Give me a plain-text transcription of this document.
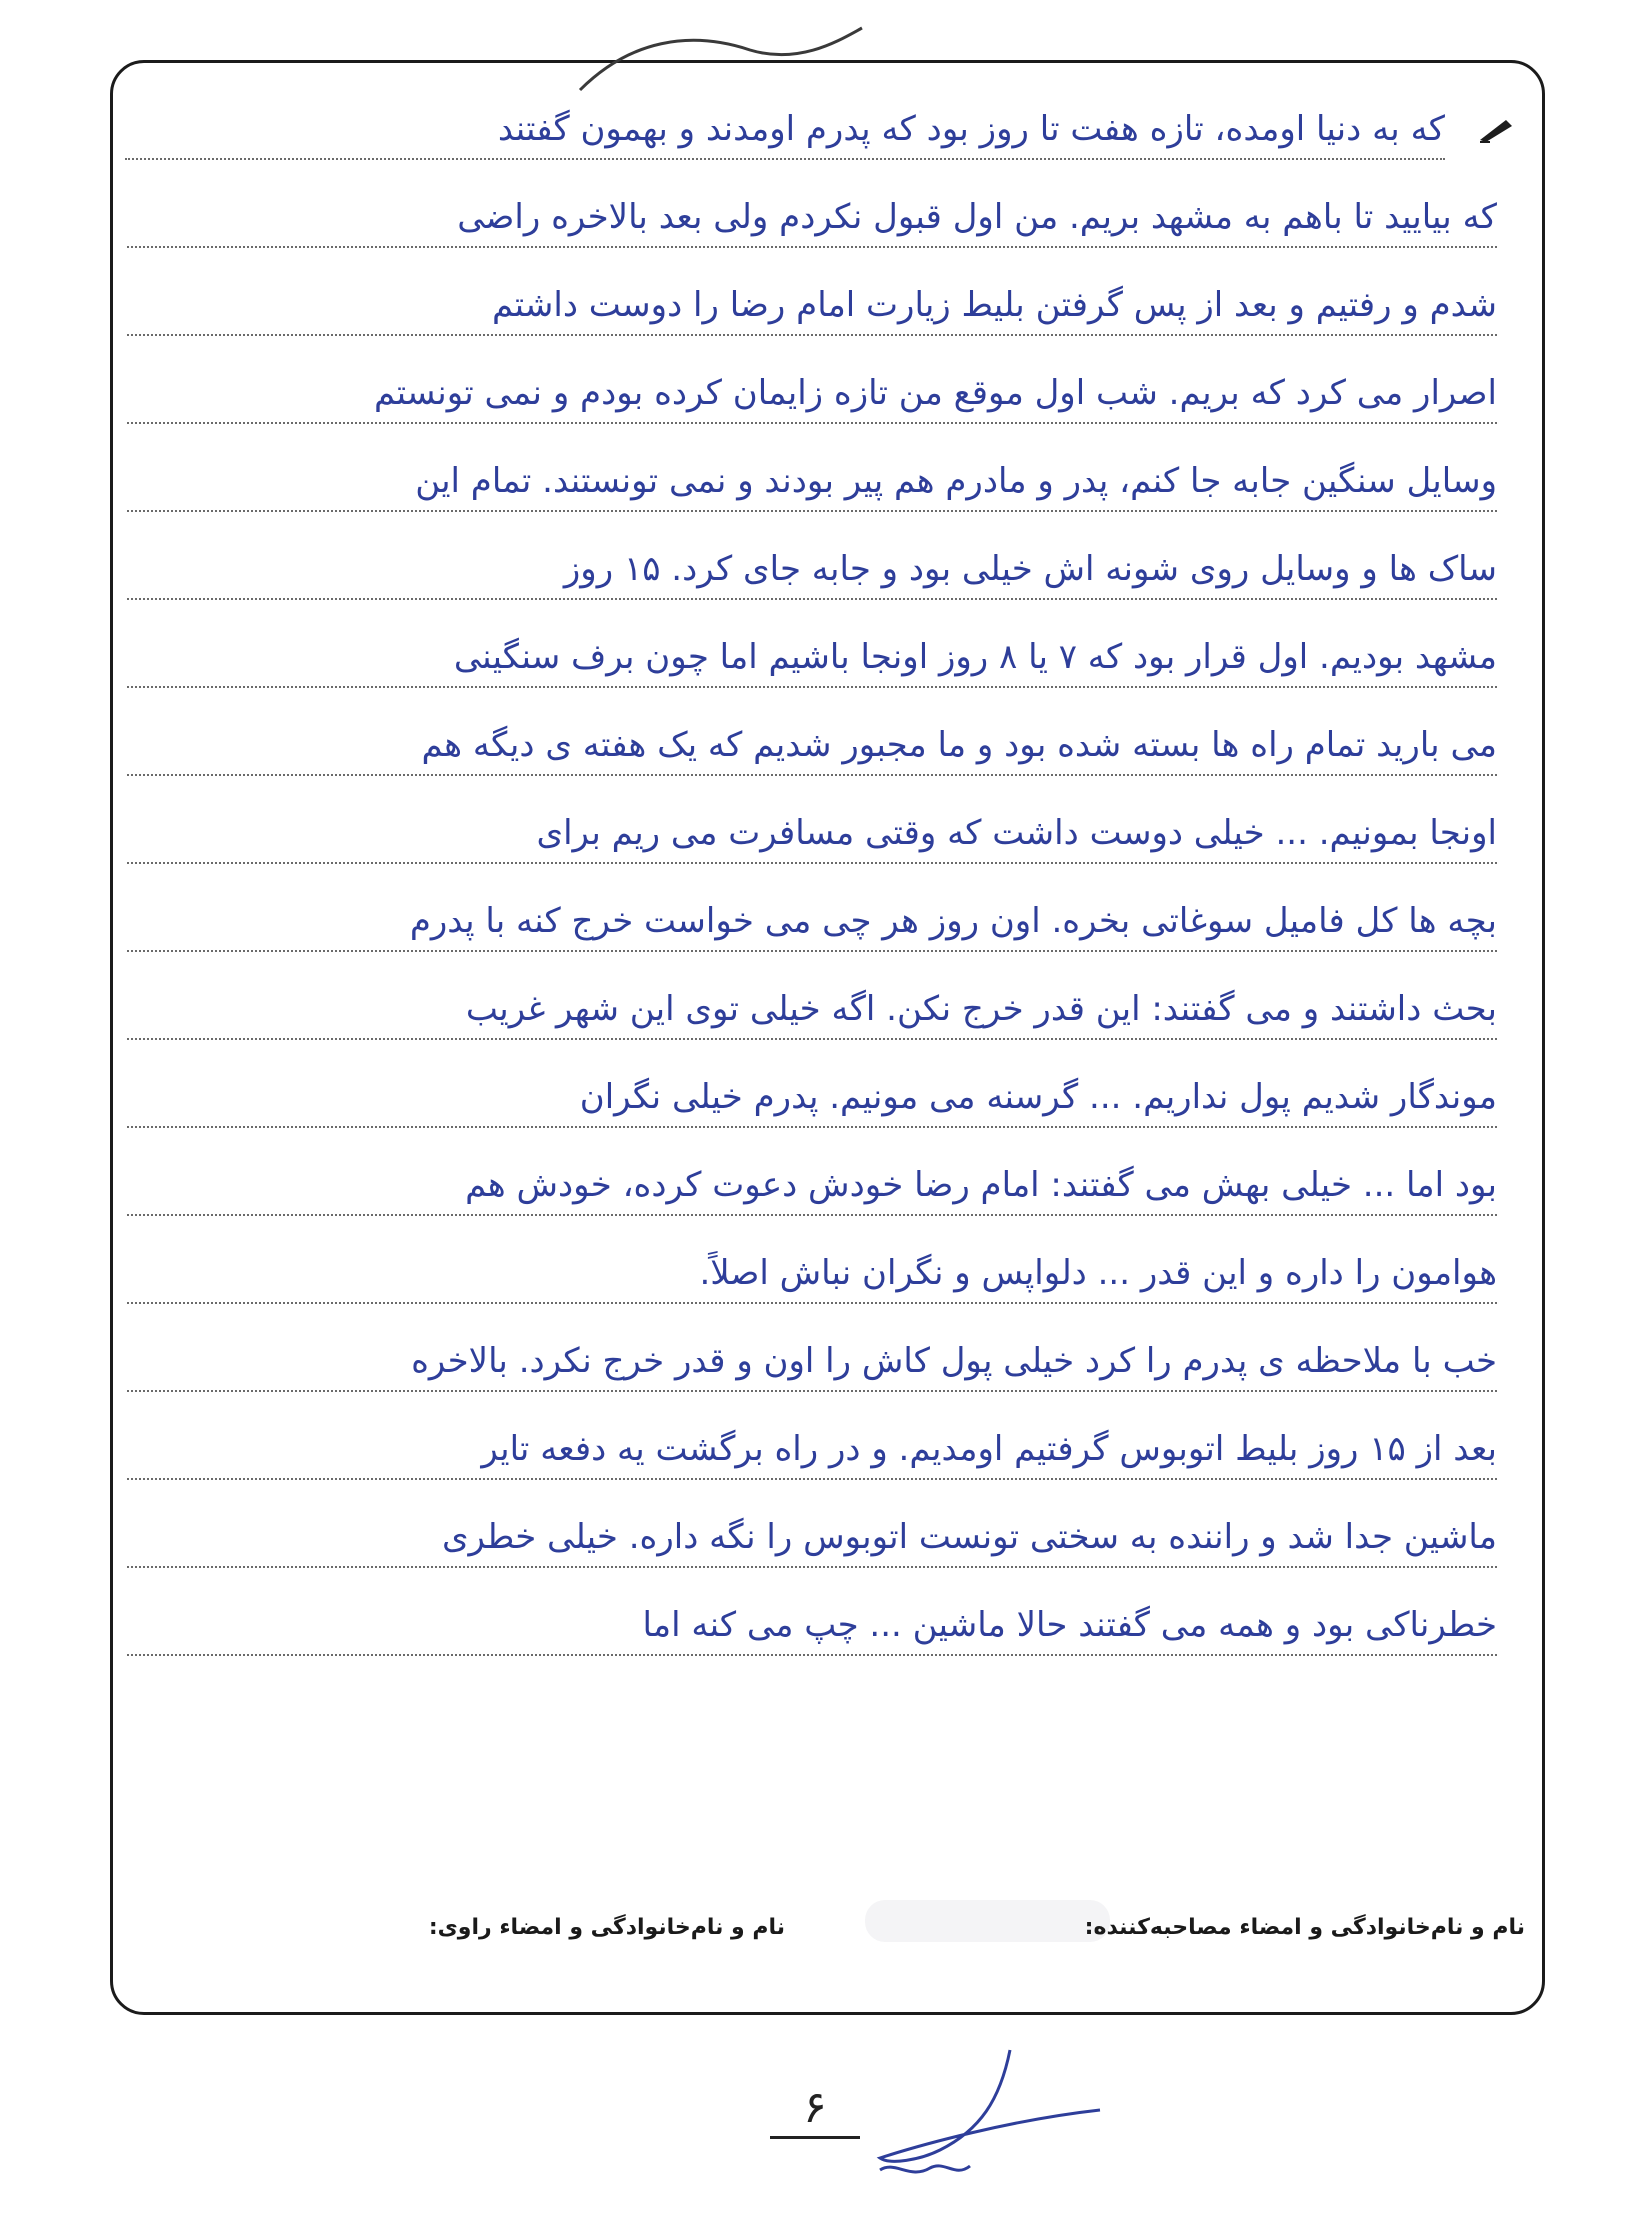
که به دنیا اومده، تازه هفت تا روز بود که پدرم اومدند و بهمون گفتند
که بیایید تا باهم به مشهد بریم. من اول قبول نکردم ولی بعد بالاخره راضی
شدم و رفتیم و بعد از پس گرفتن بلیط زیارت امام رضا را دوست داشتم
اصرار می کرد که بریم. شب اول موقع من تازه زایمان کرده بودم و نمی تونستم
وسایل سنگین جابه جا کنم، پدر و مادرم هم پیر بودند و نمی تونستند. تمام این
ساک ها و وسایل روی شونه اش خیلی بود و جابه جای کرد. ۱۵ روز
مشهد بودیم. اول قرار بود که ۷ یا ۸ روز اونجا باشیم اما چون برف سنگینی
می بارید تمام راه ها بسته شده بود و ما مجبور شدیم که یک هفته ی دیگه هم
اونجا بمونیم. ... خیلی دوست داشت که وقتی مسافرت می ریم برای
بچه ها کل فامیل سوغاتی بخره. اون روز هر چی می خواست خرج کنه با پدرم
بحث داشتند و می گفتند: این قدر خرج نکن. اگه خیلی توی این شهر غریب
موندگار شدیم پول نداریم. ... گرسنه می مونیم. پدرم خیلی نگران
بود اما ... خیلی بهش می گفتند: امام رضا خودش دعوت کرده، خودش هم
هوامون را داره و این قدر ... دلواپس و نگران نباش اصلاً.
خب با ملاحظه ی پدرم را کرد خیلی پول کاش را اون و قدر خرج نکرد. بالاخره
بعد از ۱۵ روز بلیط اتوبوس گرفتیم اومدیم. و در راه برگشت یه دفعه تایر
ماشین جدا شد و راننده به سختی تونست اتوبوس را نگه داره. خیلی خطری
خطرناکی بود و همه می گفتند حالا ماشین ... چپ می کنه اما
نام و نام‌خانوادگی و امضاء مصاحبه‌کننده:
نام و نام‌خانوادگی و امضاء راوی:
۶
